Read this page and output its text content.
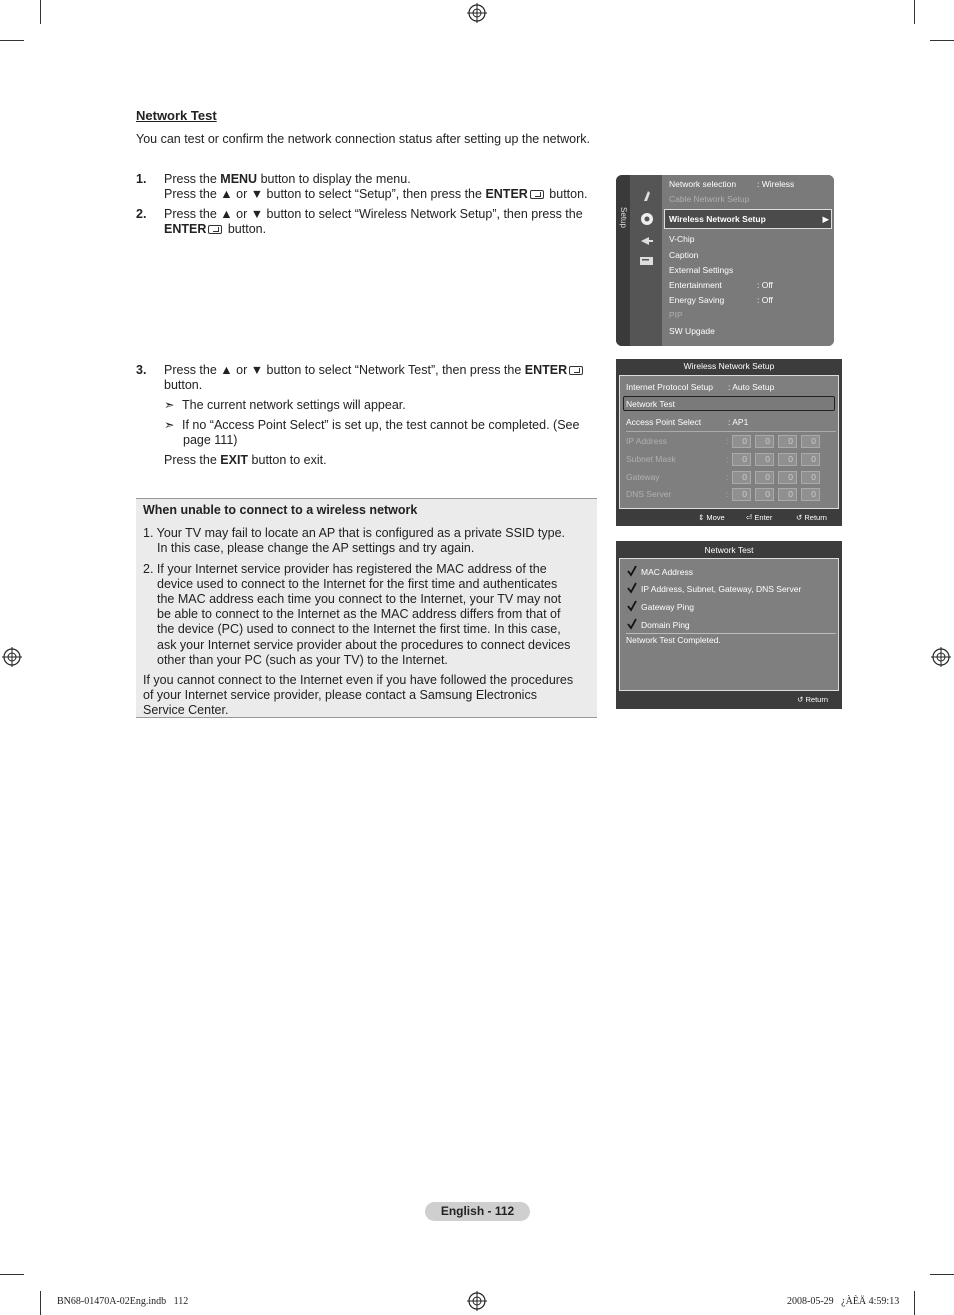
Network Test
You can test or confirm the network connection status after setting up the network.
1. Press the MENU button to display the menu.
Press the ▲ or ▼ button to select “Setup”, then press the ENTER button.
2. Press the ▲ or ▼ button to select “Wireless Network Setup”, then press the
ENTER button.
3. Press the ▲ or ▼ button to select “Network Test”, then press the ENTER
button.
➣ The current network settings will appear.
➣ If no “Access Point Select” is set up, the test cannot be completed. (See
page 111)
Press the EXIT button to exit.
When unable to connect to a wireless network
1. Your TV may fail to locate an AP that is configured as a private SSID type.
In this case, please change the AP settings and try again.
2. If your Internet service provider has registered the MAC address of the
device used to connect to the Internet for the first time and authenticates
the MAC address each time you connect to the Internet, your TV may not
be able to connect to the Internet as the MAC address differs from that of
the device (PC) used to connect to the Internet the first time. In this case,
ask your Internet service provider about the procedures to connect devices
other than your PC (such as your TV) to the Internet.
If you cannot connect to the Internet even if you have followed the procedures
of your Internet service provider, please contact a Samsung Electronics
Service Center.
Setup
Network selection : Wireless
Cable Network Setup
Wireless Network Setup	▶
V-Chip
Caption
External Settings
Entertainment	: Off
Energy Saving	: Off
PIP
SW Upgade
Wireless Network Setup
Internet Protocol Setup : Auto Setup
Network Test
Access Point Select	: AP1
IP Address	:	0	0	0	0
Subnet Mask	:	0	0	0	0
Gateway	:	0	0	0	0
DNS Server	:	0	0	0	0
⇕ Move	⏎ Enter	↺ Return
Network Test
MAC Address
IP Address, Subnet, Gateway, DNS Server
Gateway Ping
Domain Ping
Network Test Completed.
↺ Return
English - 112
BN68-01470A-02Eng.indb   112	2008-05-29   ¿ÀÈÄ 4:59:13
